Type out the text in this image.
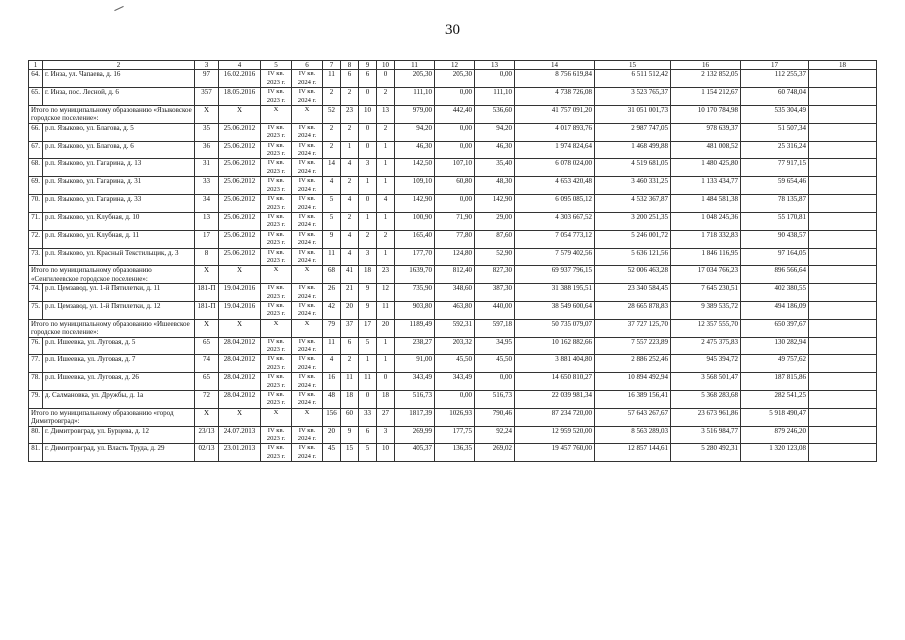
30
1	2	3	4	5	6	7	8	9	10	11	12	13	14	15	16	17	18
64.	г. Инза, ул. Чапаева, д. 16	97	16.02.2016	IV кв. 2023 г.	IV кв. 2024 г.	11	6	6	0	205,30	205,30	0,00	8 756 619,84	6 511 512,42	2 132 852,05	112 255,37	
65.	г. Инза, пос. Лесной, д. 6	357	18.05.2016	IV кв. 2023 г.	IV кв. 2024 г.	2	2	0	2	111,10	0,00	111,10	4 738 726,08	3 523 765,37	1 154 212,67	60 748,04	
Итого по муниципальному образованию «Языковское городское поселение»:		X	X	X	X	52	23	10	13	979,00	442,40	536,60	41 757 091,20	31 051 001,73	10 170 784,98	535 304,49	
66.	р.п. Языково, ул. Благова, д. 5	35	25.06.2012	IV кв. 2023 г.	IV кв. 2024 г.	2	2	0	2	94,20	0,00	94,20	4 017 893,76	2 987 747,05	978 639,37	51 507,34	
67.	р.п. Языково, ул. Благова, д. 6	36	25.06.2012	IV кв. 2023 г.	IV кв. 2024 г.	2	1	0	1	46,30	0,00	46,30	1 974 824,64	1 468 499,88	481 008,52	25 316,24	
68.	р.п. Языково, ул. Гагарина, д. 13	31	25.06.2012	IV кв. 2023 г.	IV кв. 2024 г.	14	4	3	1	142,50	107,10	35,40	6 078 024,00	4 519 681,05	1 480 425,80	77 917,15	
69.	р.п. Языково, ул. Гагарина, д. 31	33	25.06.2012	IV кв. 2023 г.	IV кв. 2024 г.	4	2	1	1	109,10	60,80	48,30	4 653 420,48	3 460 331,25	1 133 434,77	59 654,46	
70.	р.п. Языково, ул. Гагарина, д. 33	34	25.06.2012	IV кв. 2023 г.	IV кв. 2024 г.	5	4	0	4	142,90	0,00	142,90	6 095 085,12	4 532 367,87	1 484 581,38	78 135,87	
71.	р.п. Языково, ул. Клубная, д. 10	13	25.06.2012	IV кв. 2023 г.	IV кв. 2024 г.	5	2	1	1	100,90	71,90	29,00	4 303 667,52	3 200 251,35	1 048 245,36	55 170,81	
72.	р.п. Языково, ул. Клубная, д. 11	17	25.06.2012	IV кв. 2023 г.	IV кв. 2024 г.	9	4	2	2	165,40	77,80	87,60	7 054 773,12	5 246 001,72	1 718 332,83	90 438,57	
73.	р.п. Языково, ул. Красный Текстильщик, д. 3	8	25.06.2012	IV кв. 2023 г.	IV кв. 2024 г.	11	4	3	1	177,70	124,80	52,90	7 579 402,56	5 636 121,56	1 846 116,95	97 164,05	
Итого по муниципальному образованию «Сенгилеевское городское поселение»:		X	X	X	X	68	41	18	23	1639,70	812,40	827,30	69 937 796,15	52 006 463,28	17 034 766,23	896 566,64	
74.	р.п. Цемзавод, ул. 1-й Пятилетки, д. 11	181-П	19.04.2016	IV кв. 2023 г.	IV кв. 2024 г.	26	21	9	12	735,90	348,60	387,30	31 388 195,51	23 340 584,45	7 645 230,51	402 380,55	
75.	р.п. Цемзавод, ул. 1-й Пятилетки, д. 12	181-П	19.04.2016	IV кв. 2023 г.	IV кв. 2024 г.	42	20	9	11	903,80	463,80	440,00	38 549 600,64	28 665 878,83	9 389 535,72	494 186,09	
Итого по муниципальному образованию «Ишеевское городское поселение»:		X	X	X	X	79	37	17	20	1189,49	592,31	597,18	50 735 079,07	37 727 125,70	12 357 555,70	650 397,67	
76.	р.п. Ишеевка, ул. Луговая, д. 5	65	28.04.2012	IV кв. 2023 г.	IV кв. 2024 г.	11	6	5	1	238,27	203,32	34,95	10 162 882,66	7 557 223,89	2 475 375,83	130 282,94	
77.	р.п. Ишеевка, ул. Луговая, д. 7	74	28.04.2012	IV кв. 2023 г.	IV кв. 2024 г.	4	2	1	1	91,00	45,50	45,50	3 881 404,80	2 886 252,46	945 394,72	49 757,62	
78.	р.п. Ишеевка, ул. Луговая, д. 26	65	28.04.2012	IV кв. 2023 г.	IV кв. 2024 г.	16	11	11	0	343,49	343,49	0,00	14 650 810,27	10 894 492,94	3 568 501,47	187 815,86	
79.	д. Салмановка, ул. Дружбы, д. 1а	72	28.04.2012	IV кв. 2023 г.	IV кв. 2024 г.	48	18	0	18	516,73	0,00	516,73	22 039 981,34	16 389 156,41	5 368 283,68	282 541,25	
Итого по муниципальному образованию «город Димитровград»:		X	X	X	X	156	60	33	27	1817,39	1026,93	790,46	87 234 720,00	57 643 267,67	23 673 961,86	5 918 490,47	
80.	г. Димитровград, ул. Бурцева, д. 12	23/13	24.07.2013	IV кв. 2023 г.	IV кв. 2024 г.	20	9	6	3	269,99	177,75	92,24	12 959 520,00	8 563 289,03	3 516 984,77	879 246,20	
81.	г. Димитровград, ул. Власть Труда, д. 29	02/13	23.01.2013	IV кв. 2023 г.	IV кв. 2024 г.	45	15	5	10	405,37	136,35	269,02	19 457 760,00	12 857 144,61	5 280 492,31	1 320 123,08	
